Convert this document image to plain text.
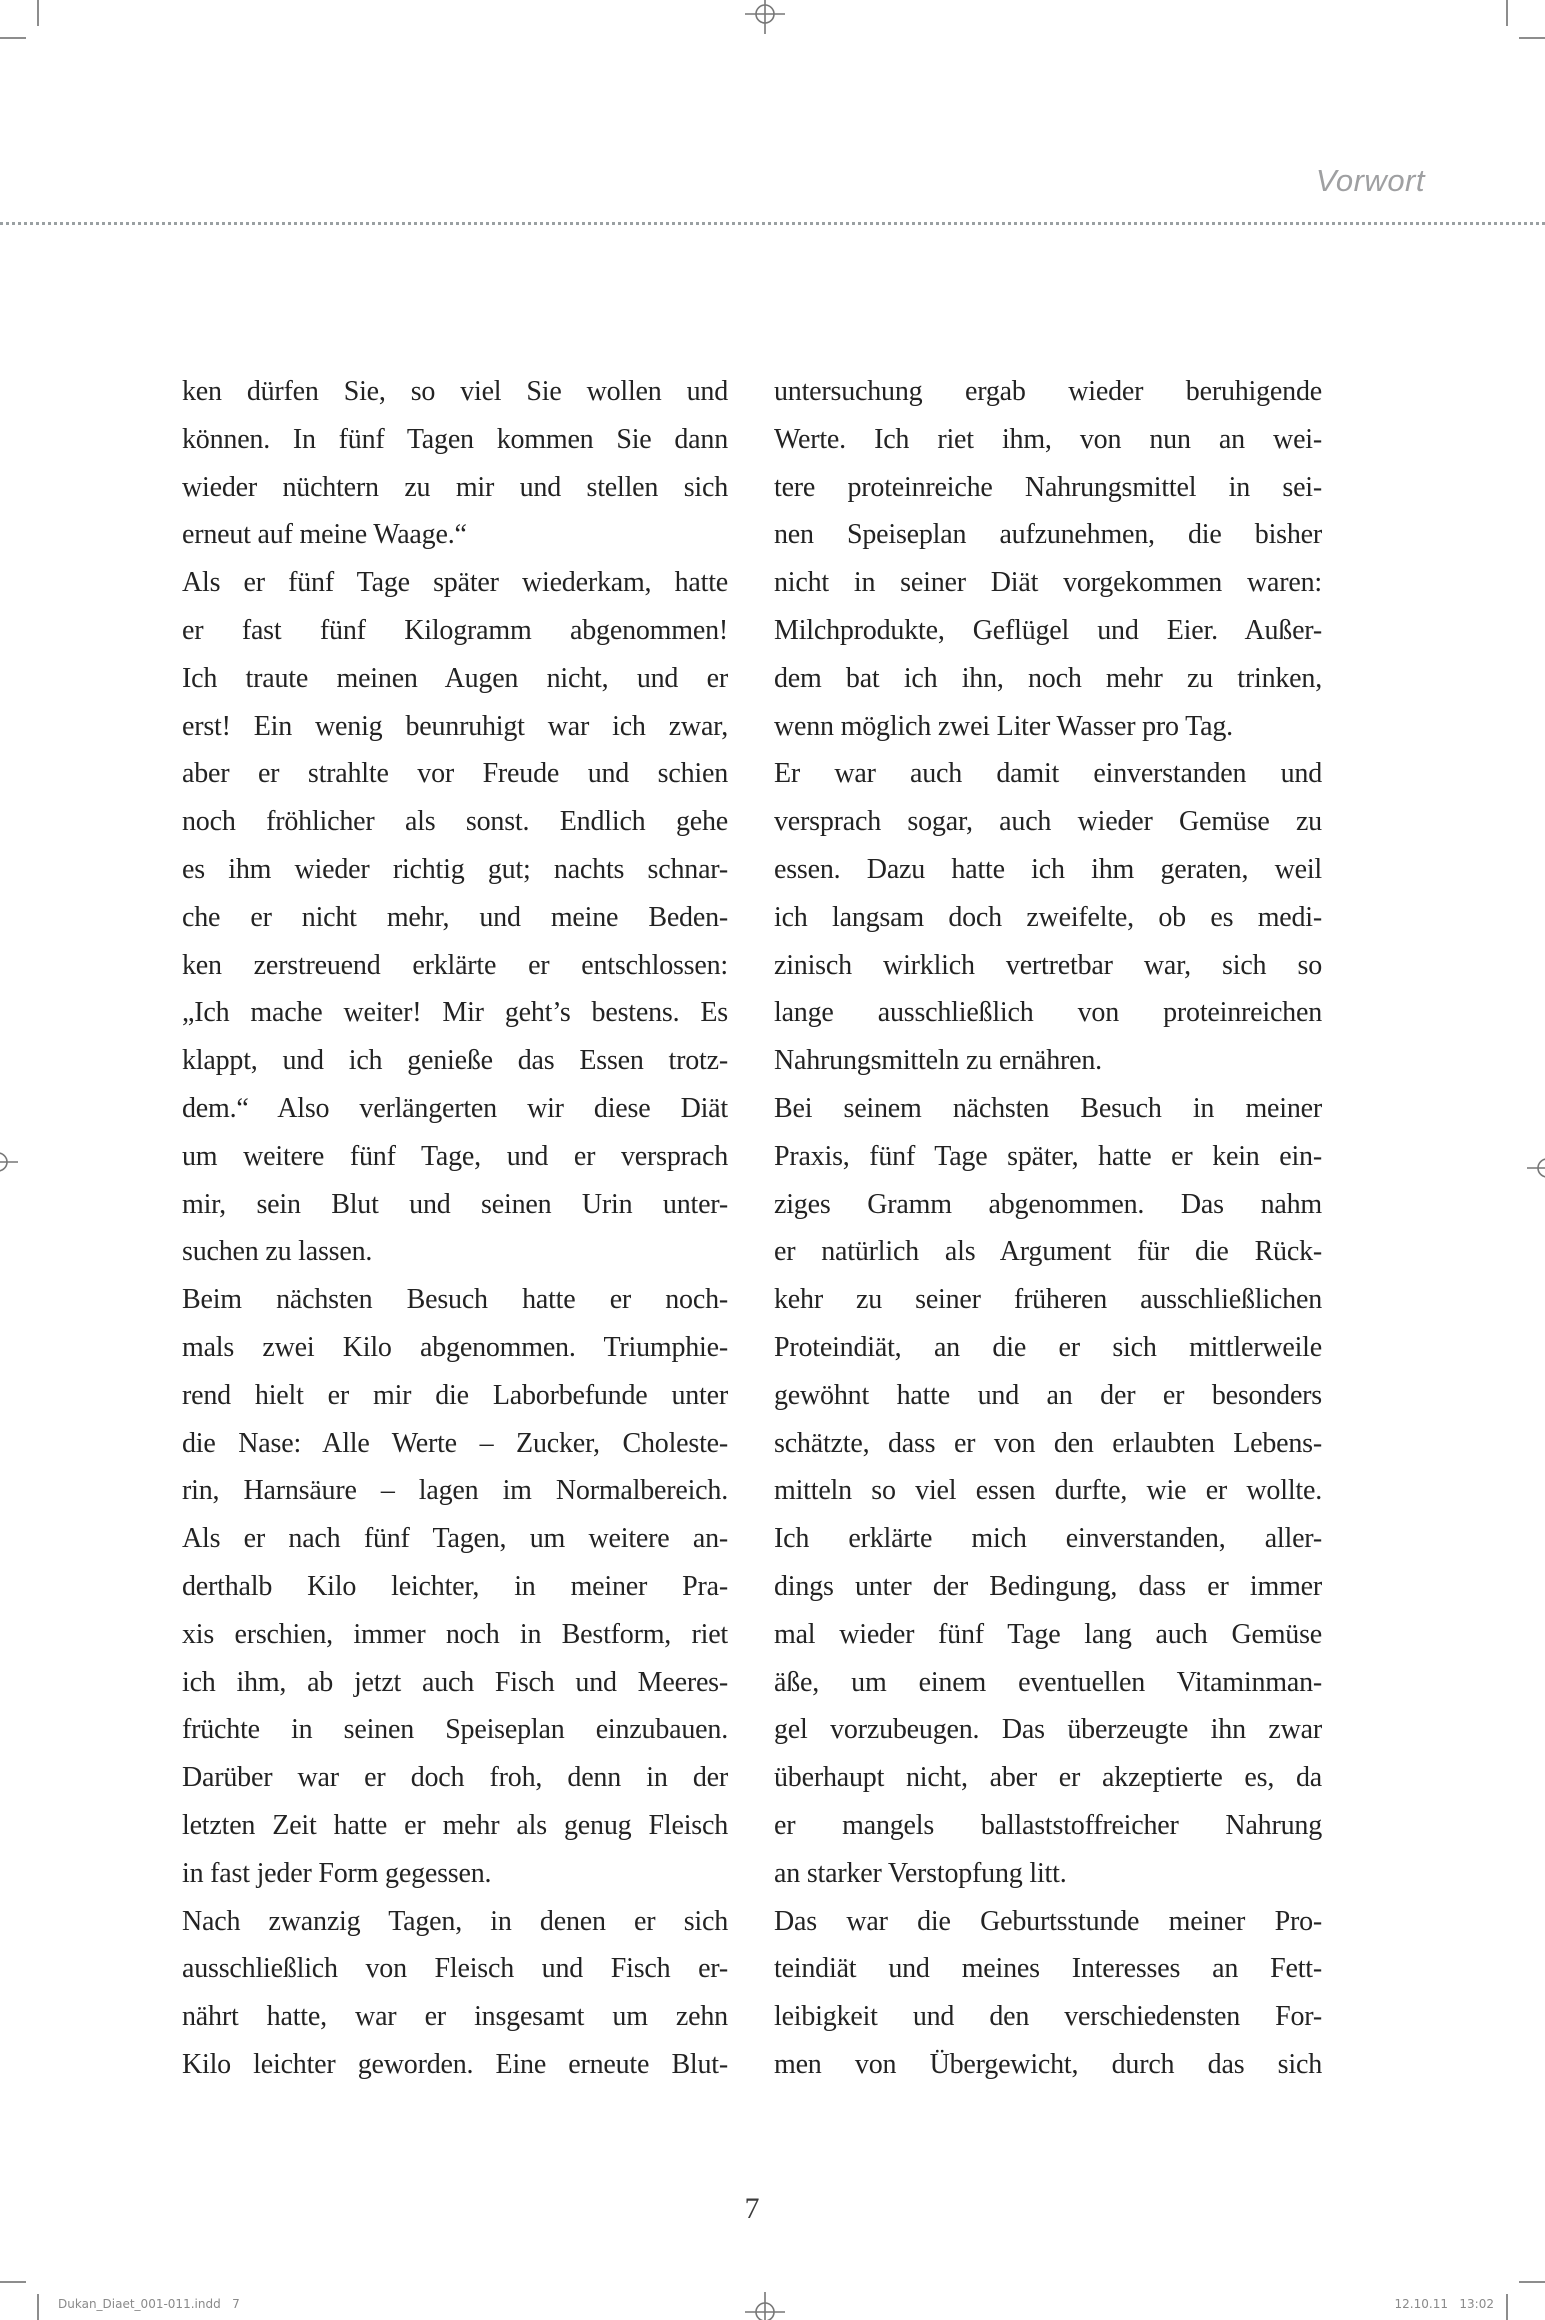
Vorwort
ken dürfen Sie, so viel Sie wollen und
können. In fünf Tagen kommen Sie dann
wieder nüchtern zu mir und stellen sich
erneut auf meine Waage.“
Als er fünf Tage später wiederkam, hatte
er fast fünf Kilogramm abgenommen!
Ich traute meinen Augen nicht, und er
erst! Ein wenig beunruhigt war ich zwar,
aber er strahlte vor Freude und schien
noch fröhlicher als sonst. Endlich gehe
es ihm wieder richtig gut; nachts schnar-
che er nicht mehr, und meine Beden-
ken zerstreuend erklärte er entschlossen:
„Ich mache weiter! Mir geht’s bestens. Es
klappt, und ich genieße das Essen trotz-
dem.“ Also verlängerten wir diese Diät
um weitere fünf Tage, und er versprach
mir, sein Blut und seinen Urin unter-
suchen zu lassen.
Beim nächsten Besuch hatte er noch-
mals zwei Kilo abgenommen. Triumphie-
rend hielt er mir die Laborbefunde unter
die Nase: Alle Werte – Zucker, Choleste-
rin, Harnsäure – lagen im Normalbereich.
Als er nach fünf Tagen, um weitere an-
derthalb Kilo leichter, in meiner Pra-
xis erschien, immer noch in Bestform, riet
ich ihm, ab jetzt auch Fisch und Meeres-
früchte in seinen Speiseplan einzubauen.
Darüber war er doch froh, denn in der
letzten Zeit hatte er mehr als genug Fleisch
in fast jeder Form gegessen.
Nach zwanzig Tagen, in denen er sich
ausschließlich von Fleisch und Fisch er-
nährt hatte, war er insgesamt um zehn
Kilo leichter geworden. Eine erneute Blut-
untersuchung ergab wieder beruhigende
Werte. Ich riet ihm, von nun an wei-
tere proteinreiche Nahrungsmittel in sei-
nen Speiseplan aufzunehmen, die bisher
nicht in seiner Diät vorgekommen waren:
Milchprodukte, Geflügel und Eier. Außer-
dem bat ich ihn, noch mehr zu trinken,
wenn möglich zwei Liter Wasser pro Tag.
Er war auch damit einverstanden und
versprach sogar, auch wieder Gemüse zu
essen. Dazu hatte ich ihm geraten, weil
ich langsam doch zweifelte, ob es medi-
zinisch wirklich vertretbar war, sich so
lange ausschließlich von proteinreichen
Nahrungsmitteln zu ernähren.
Bei seinem nächsten Besuch in meiner
Praxis, fünf Tage später, hatte er kein ein-
ziges Gramm abgenommen. Das nahm
er natürlich als Argument für die Rück-
kehr zu seiner früheren ausschließlichen
Proteindiät, an die er sich mittlerweile
gewöhnt hatte und an der er besonders
schätzte, dass er von den erlaubten Lebens-
mitteln so viel essen durfte, wie er wollte.
Ich erklärte mich einverstanden, aller-
dings unter der Bedingung, dass er immer
mal wieder fünf Tage lang auch Gemüse
äße, um einem eventuellen Vitaminman-
gel vorzubeugen. Das überzeugte ihn zwar
überhaupt nicht, aber er akzeptierte es, da
er mangels ballaststoffreicher Nahrung
an starker Verstopfung litt.
Das war die Geburtsstunde meiner Pro-
teindiät und meines Interesses an Fett-
leibigkeit und den verschiedensten For-
men von Übergewicht, durch das sich
7
Dukan_Diaet_001-011.indd   7	12.10.11   13:02
